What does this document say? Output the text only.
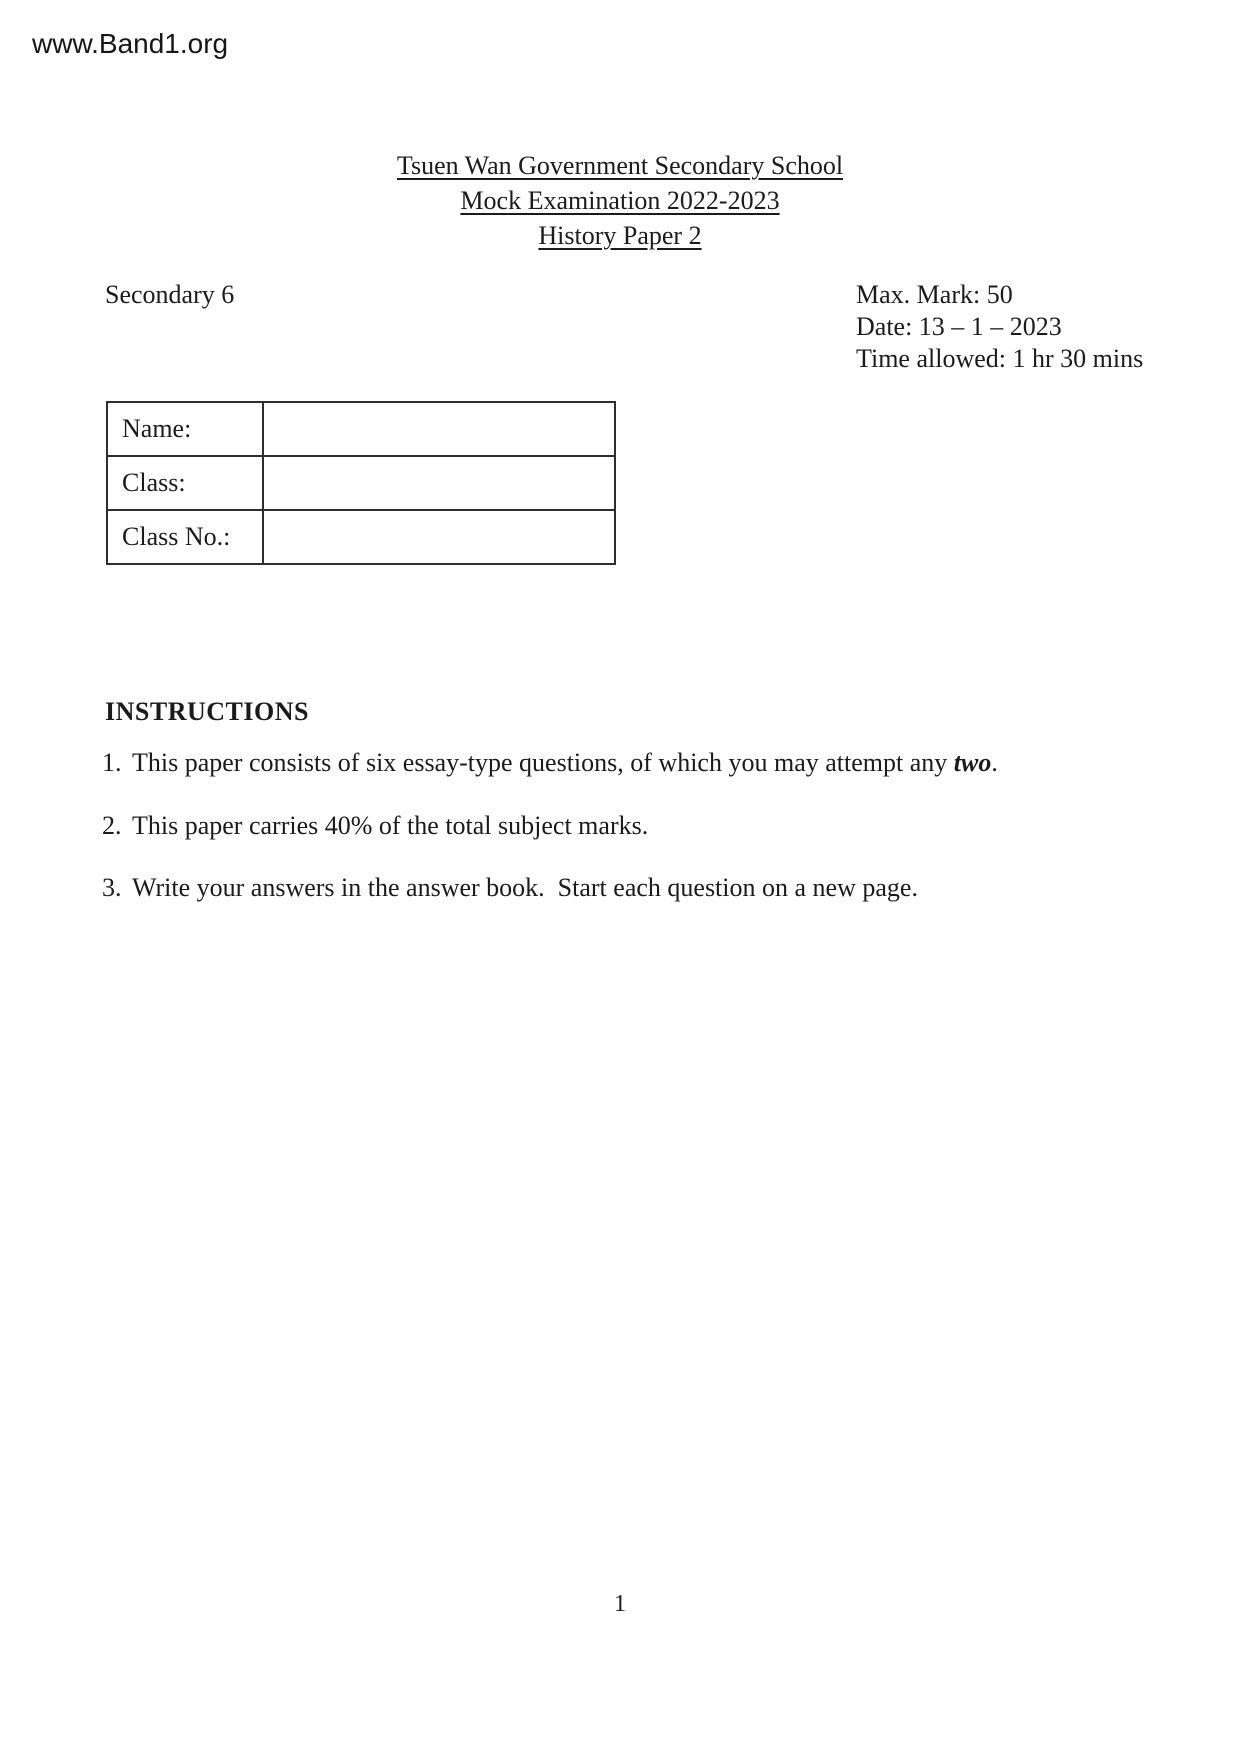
www.Band1.org
Tsuen Wan Government Secondary School
Mock Examination 2022-2023
History Paper 2
Secondary 6	Max. Mark: 50
Date: 13 – 1 – 2023
Time allowed: 1 hr 30 mins
Name:	
Class:	
Class No.:	
INSTRUCTIONS
1. This paper consists of six essay-type questions, of which you may attempt any two.
2. This paper carries 40% of the total subject marks.
3. Write your answers in the answer book.  Start each question on a new page.
1
